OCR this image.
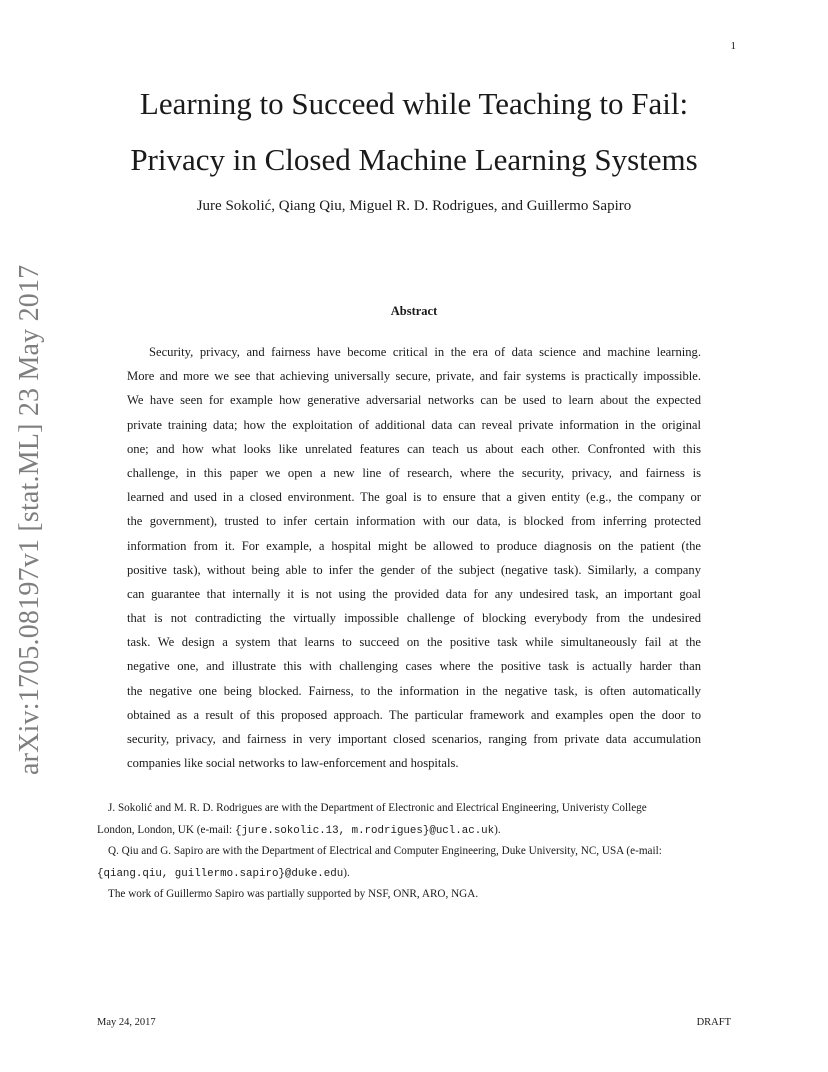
1
arXiv:1705.08197v1 [stat.ML] 23 May 2017
Learning to Succeed while Teaching to Fail:
Privacy in Closed Machine Learning Systems
Jure Sokolić, Qiang Qiu, Miguel R. D. Rodrigues, and Guillermo Sapiro
Abstract
Security, privacy, and fairness have become critical in the era of data science and machine learning.
More and more we see that achieving universally secure, private, and fair systems is practically impossible.
We have seen for example how generative adversarial networks can be used to learn about the expected
private training data; how the exploitation of additional data can reveal private information in the original
one; and how what looks like unrelated features can teach us about each other. Confronted with this
challenge, in this paper we open a new line of research, where the security, privacy, and fairness is
learned and used in a closed environment. The goal is to ensure that a given entity (e.g., the company or
the government), trusted to infer certain information with our data, is blocked from inferring protected
information from it. For example, a hospital might be allowed to produce diagnosis on the patient (the
positive task), without being able to infer the gender of the subject (negative task). Similarly, a company
can guarantee that internally it is not using the provided data for any undesired task, an important goal
that is not contradicting the virtually impossible challenge of blocking everybody from the undesired
task. We design a system that learns to succeed on the positive task while simultaneously fail at the
negative one, and illustrate this with challenging cases where the positive task is actually harder than
the negative one being blocked. Fairness, to the information in the negative task, is often automatically
obtained as a result of this proposed approach. The particular framework and examples open the door to
security, privacy, and fairness in very important closed scenarios, ranging from private data accumulation
companies like social networks to law-enforcement and hospitals.
J. Sokolić and M. R. D. Rodrigues are with the Department of Electronic and Electrical Engineering, Univeristy College
London, London, UK (e-mail: {jure.sokolic.13, m.rodrigues}@ucl.ac.uk).
Q. Qiu and G. Sapiro are with the Department of Electrical and Computer Engineering, Duke University, NC, USA (e-mail:
{qiang.qiu, guillermo.sapiro}@duke.edu).
The work of Guillermo Sapiro was partially supported by NSF, ONR, ARO, NGA.
May 24, 2017	DRAFT
